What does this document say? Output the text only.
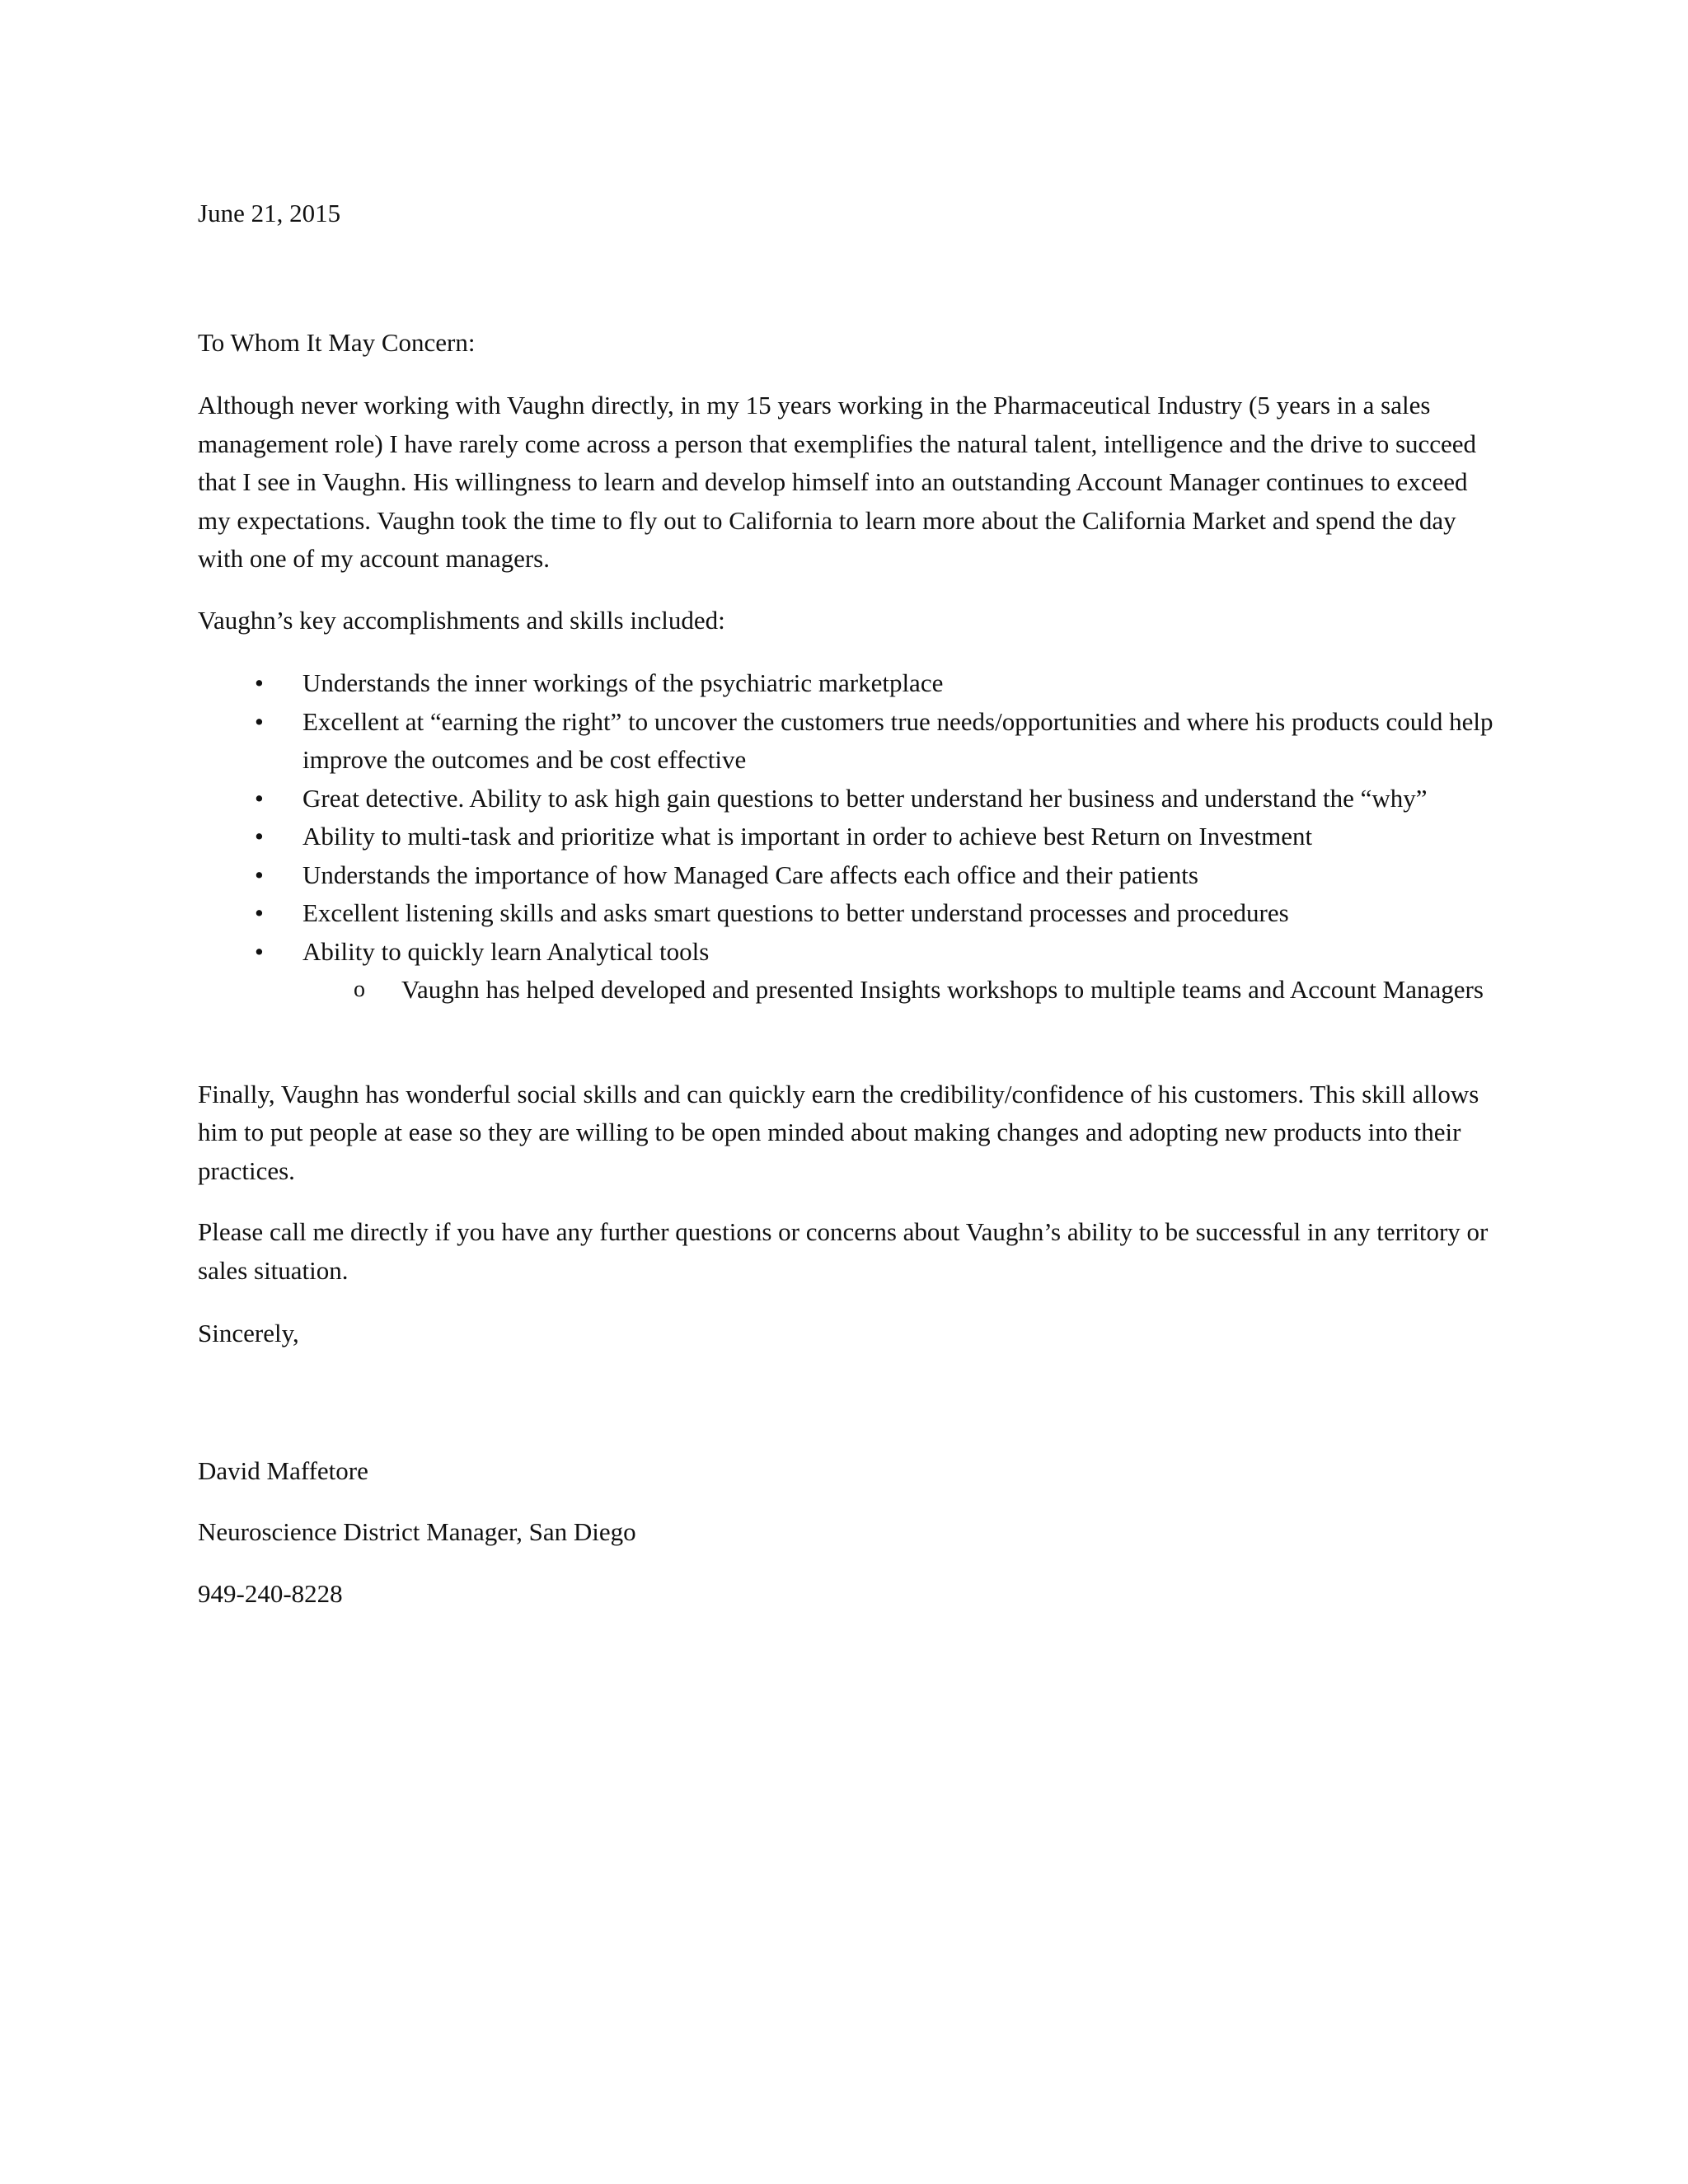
June 21, 2015

To Whom It May Concern:

Although never working with Vaughn directly, in my 15 years working in the Pharmaceutical Industry (5 years in a sales management role) I have rarely come across a person that exemplifies the natural talent, intelligence and the drive to succeed that I see in Vaughn. His willingness to learn and develop himself into an outstanding Account Manager continues to exceed my expectations. Vaughn took the time to fly out to California to learn more about the California Market and spend the day with one of my account managers.

Vaughn’s key accomplishments and skills included:

• Understands the inner workings of the psychiatric marketplace
• Excellent at “earning the right” to uncover the customers true needs/opportunities and where his products could help improve the outcomes and be cost effective
• Great detective. Ability to ask high gain questions to better understand her business and understand the “why”
• Ability to multi-task and prioritize what is important in order to achieve best Return on Investment
• Understands the importance of how Managed Care affects each office and their patients
• Excellent listening skills and asks smart questions to better understand processes and procedures
• Ability to quickly learn Analytical tools
o Vaughn has helped developed and presented Insights workshops to multiple teams and Account Managers

Finally, Vaughn has wonderful social skills and can quickly earn the credibility/confidence of his customers. This skill allows him to put people at ease so they are willing to be open minded about making changes and adopting new products into their practices.

Please call me directly if you have any further questions or concerns about Vaughn’s ability to be successful in any territory or sales situation.

Sincerely,

David Maffetore

Neuroscience District Manager, San Diego

949-240-8228
